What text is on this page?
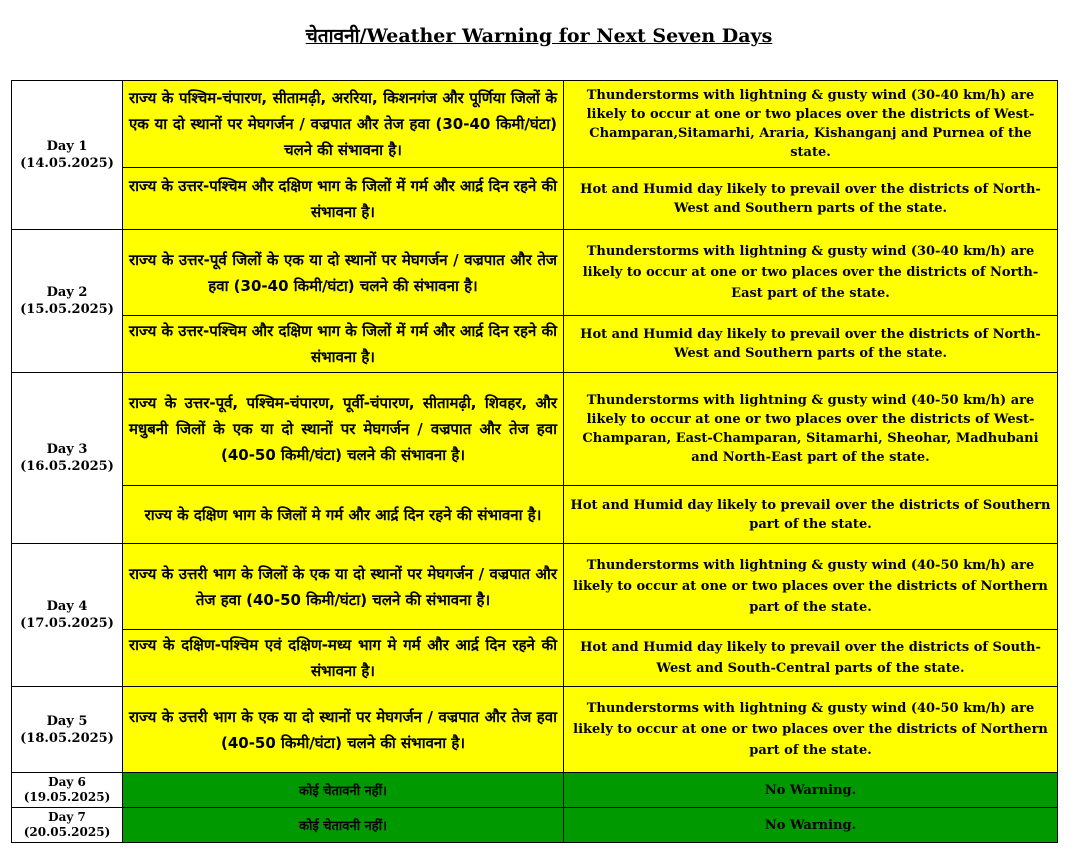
चेतावनी/Weather Warning for Next Seven Days
Day 1
(14.05.2025)	राज्य के पश्चिम-चंपारण, सीतामढ़ी, अररिया, किशनगंज और पूर्णिया जिलों के एक या दो स्थानों पर मेघगर्जन / वज्रपात और तेज हवा (30-40 किमी/घंटा) चलने की संभावना है।	Thunderstorms with lightning & gusty wind (30-40 km/h) are likely to occur at one or two places over the districts of West-Champaran,Sitamarhi, Araria, Kishanganj and Purnea of the state.
	राज्य के उत्तर-पश्चिम और दक्षिण भाग के जिलों में गर्म और आर्द्र दिन रहने की संभावना है।	Hot and Humid day likely to prevail over the districts of North-West and Southern parts of the state.

Day 2
(15.05.2025)	राज्य के उत्तर-पूर्व जिलों के एक या दो स्थानों पर मेघगर्जन / वज्रपात और तेज हवा (30-40 किमी/घंटा) चलने की संभावना है।	Thunderstorms with lightning & gusty wind (30-40 km/h) are likely to occur at one or two places over the districts of North-East part of the state.
	राज्य के उत्तर-पश्चिम और दक्षिण भाग के जिलों में गर्म और आर्द्र दिन रहने की संभावना है।	Hot and Humid day likely to prevail over the districts of North-West and Southern parts of the state.

Day 3
(16.05.2025)	राज्य के उत्तर-पूर्व, पश्चिम-चंपारण, पूर्वी-चंपारण, सीतामढ़ी, शिवहर, और मधुबनी जिलों के एक या दो स्थानों पर मेघगर्जन / वज्रपात और तेज हवा (40-50 किमी/घंटा) चलने की संभावना है।	Thunderstorms with lightning & gusty wind (40-50 km/h) are likely to occur at one or two places over the districts of West-Champaran, East-Champaran, Sitamarhi, Sheohar, Madhubani and North-East part of the state.
	राज्य के दक्षिण भाग के जिलों मे गर्म और आर्द्र दिन रहने की संभावना है।	Hot and Humid day likely to prevail over the districts of Southern part of the state.

Day 4
(17.05.2025)	राज्य के उत्तरी भाग के जिलों के एक या दो स्थानों पर मेघगर्जन / वज्रपात और तेज हवा (40-50 किमी/घंटा) चलने की संभावना है।	Thunderstorms with lightning & gusty wind (40-50 km/h) are likely to occur at one or two places over the districts of Northern part of the state.
	राज्य के दक्षिण-पश्चिम एवं दक्षिण-मध्य भाग मे गर्म और आर्द्र दिन रहने की संभावना है।	Hot and Humid day likely to prevail over the districts of South-West and South-Central parts of the state.

Day 5
(18.05.2025)	राज्य के उत्तरी भाग के एक या दो स्थानों पर मेघगर्जन / वज्रपात और तेज हवा (40-50 किमी/घंटा) चलने की संभावना है।	Thunderstorms with lightning & gusty wind (40-50 km/h) are likely to occur at one or two places over the districts of Northern part of the state.

Day 6
(19.05.2025)	कोई चेतावनी नहीं।	No Warning.

Day 7
(20.05.2025)	कोई चेतावनी नहीं।	No Warning.
